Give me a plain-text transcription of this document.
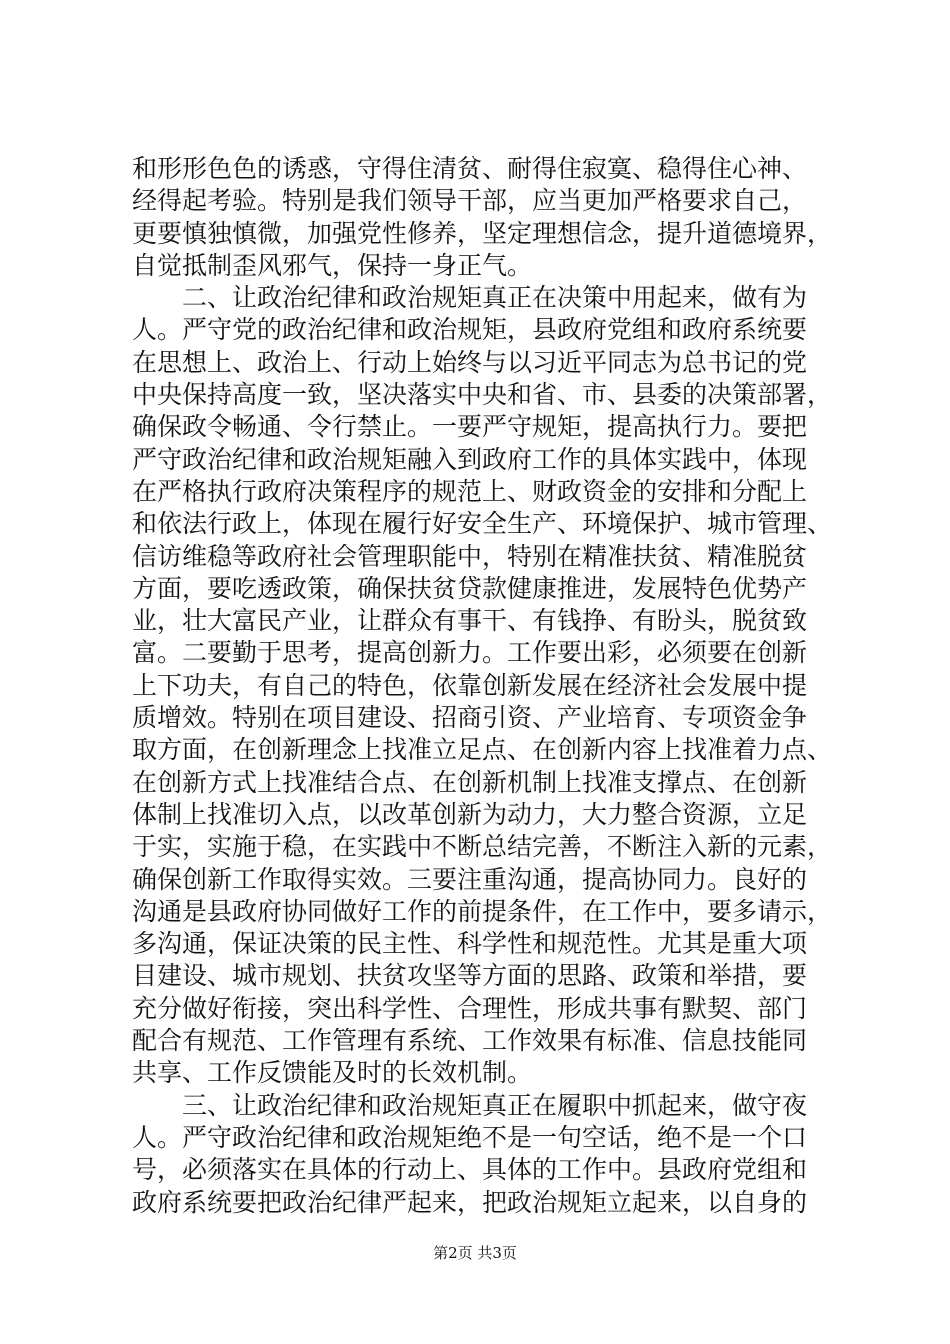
和形形色色的诱惑，守得住清贫、耐得住寂寞、稳得住心神、
经得起考验。特别是我们领导干部，应当更加严格要求自己，
更要慎独慎微，加强党性修养，坚定理想信念，提升道德境界，
自觉抵制歪风邪气，保持一身正气。
　　二、让政治纪律和政治规矩真正在决策中用起来，做有为
人。严守党的政治纪律和政治规矩，县政府党组和政府系统要
在思想上、政治上、行动上始终与以习近平同志为总书记的党
中央保持高度一致，坚决落实中央和省、市、县委的决策部署，
确保政令畅通、令行禁止。一要严守规矩，提高执行力。要把
严守政治纪律和政治规矩融入到政府工作的具体实践中，体现
在严格执行政府决策程序的规范上、财政资金的安排和分配上
和依法行政上，体现在履行好安全生产、环境保护、城市管理、
信访维稳等政府社会管理职能中，特别在精准扶贫、精准脱贫
方面，要吃透政策，确保扶贫贷款健康推进，发展特色优势产
业，壮大富民产业，让群众有事干、有钱挣、有盼头，脱贫致
富。二要勤于思考，提高创新力。工作要出彩，必须要在创新
上下功夫，有自己的特色，依靠创新发展在经济社会发展中提
质增效。特别在项目建设、招商引资、产业培育、专项资金争
取方面，在创新理念上找准立足点、在创新内容上找准着力点、
在创新方式上找准结合点、在创新机制上找准支撑点、在创新
体制上找准切入点，以改革创新为动力，大力整合资源，立足
于实，实施于稳，在实践中不断总结完善，不断注入新的元素，
确保创新工作取得实效。三要注重沟通，提高协同力。良好的
沟通是县政府协同做好工作的前提条件，在工作中，要多请示，
多沟通，保证决策的民主性、科学性和规范性。尤其是重大项
目建设、城市规划、扶贫攻坚等方面的思路、政策和举措，要
充分做好衔接，突出科学性、合理性，形成共事有默契、部门
配合有规范、工作管理有系统、工作效果有标准、信息技能同
共享、工作反馈能及时的长效机制。
　　三、让政治纪律和政治规矩真正在履职中抓起来，做守夜
人。严守政治纪律和政治规矩绝不是一句空话，绝不是一个口
号，必须落实在具体的行动上、具体的工作中。县政府党组和
政府系统要把政治纪律严起来，把政治规矩立起来，以自身的
第2页 共3页
